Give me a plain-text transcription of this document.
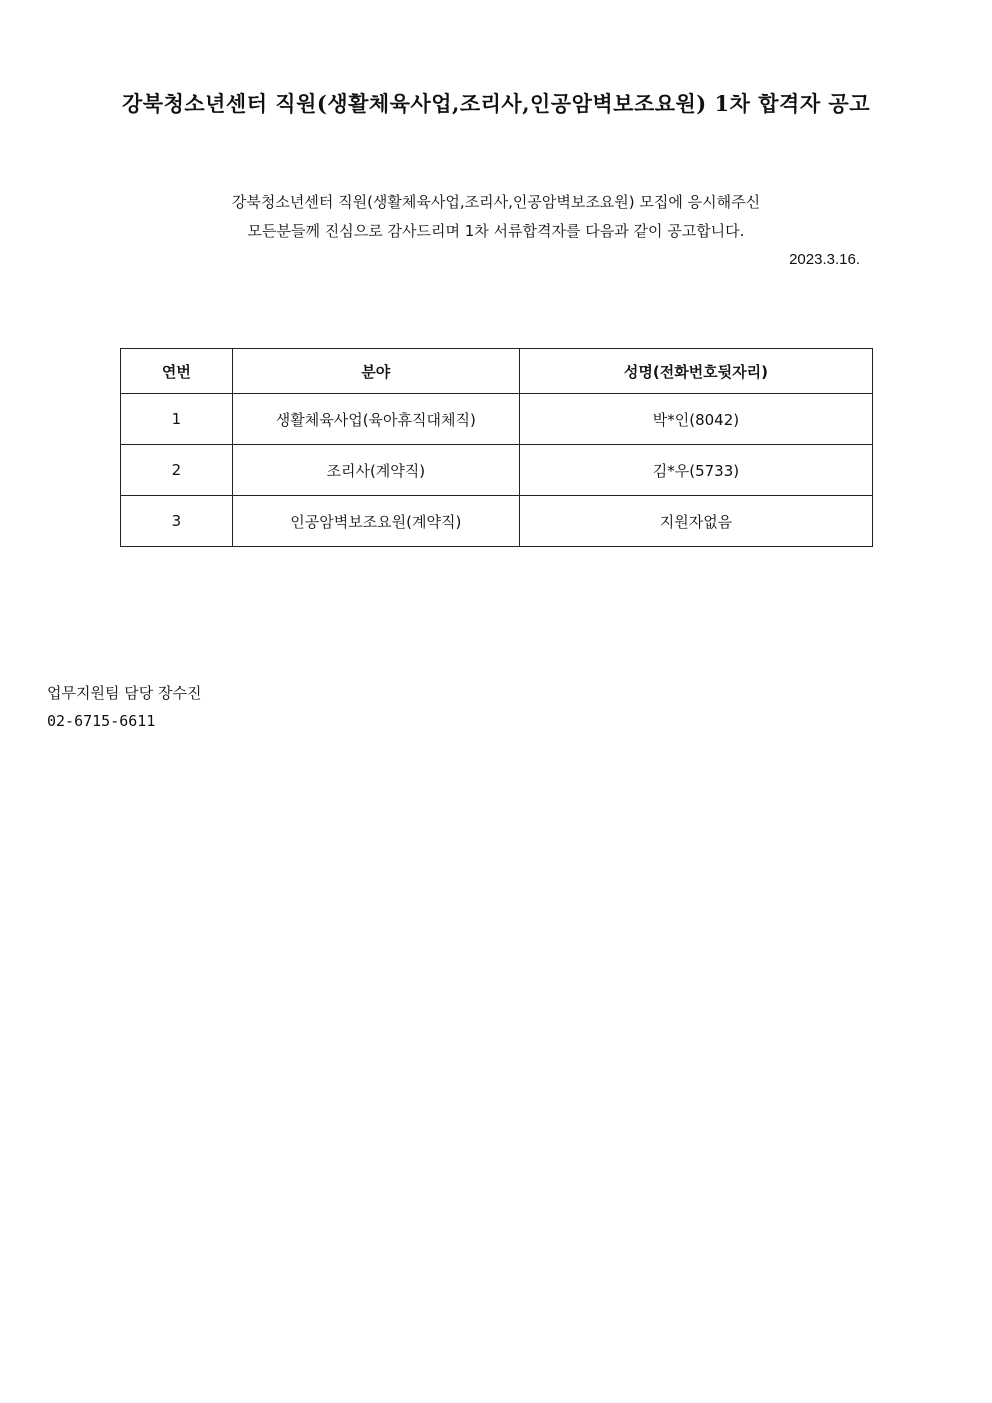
강북청소년센터 직원(생활체육사업,조리사,인공암벽보조요원) 1차 합격자 공고
강북청소년센터 직원(생활체육사업,조리사,인공암벽보조요원) 모집에 응시해주신
모든분들께 진심으로 감사드리며 1차 서류합격자를 다음과 같이 공고합니다.
2023.3.16.
연번	분야	성명(전화번호뒷자리)
1	생활체육사업(육아휴직대체직)	박*인(8042)
2	조리사(계약직)	김*우(5733)
3	인공암벽보조요원(계약직)	지원자없음
업무지원팀 담당 장수진
02-6715-6611
